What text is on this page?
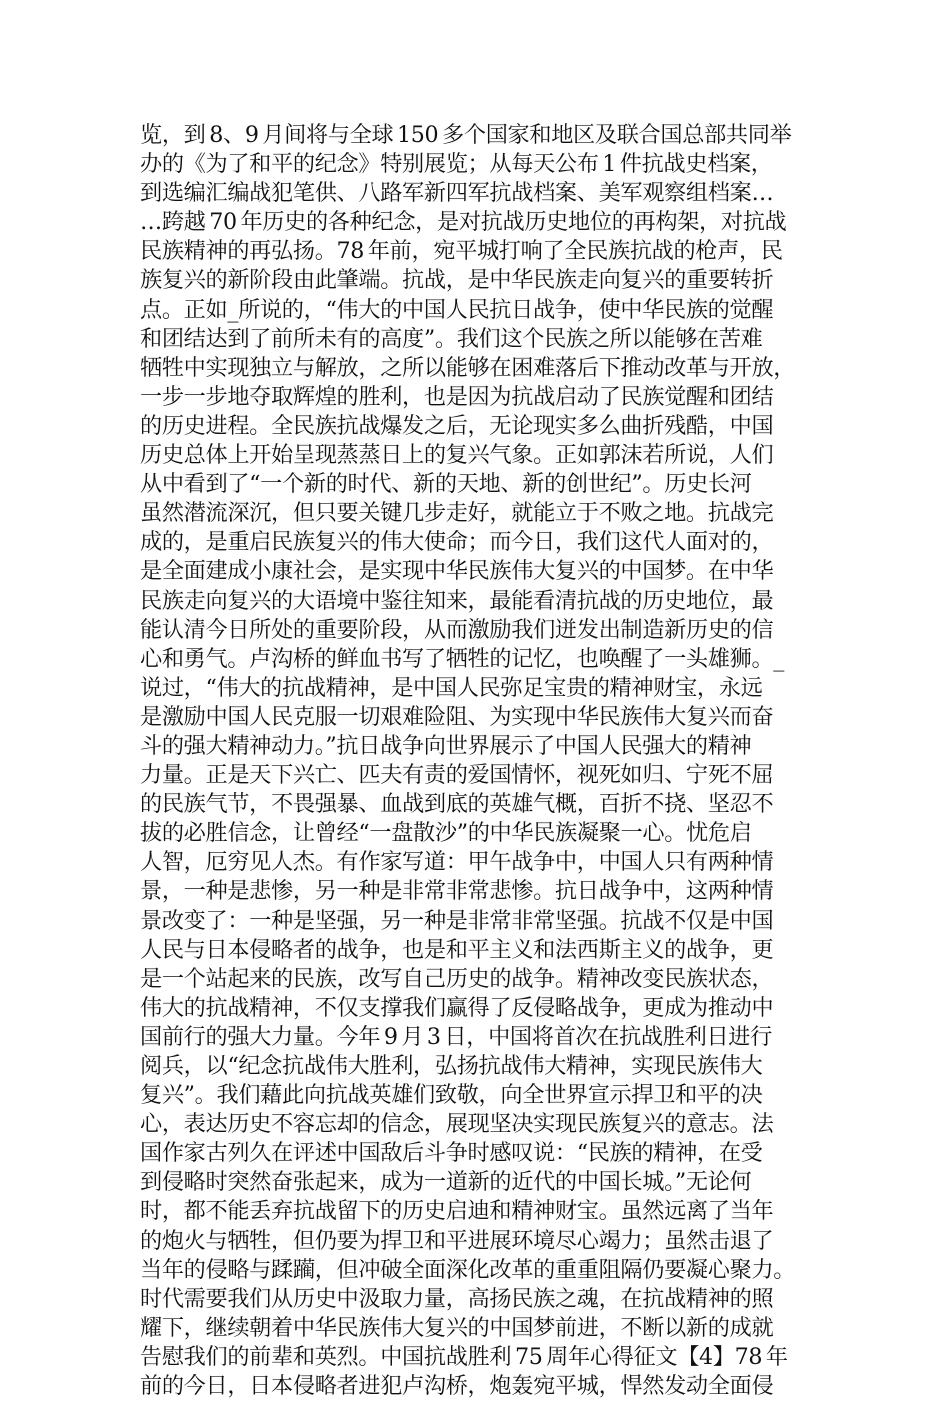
览，到 8、9 月间将与全球 150 多个国家和地区及联合国总部共同举
办的《为了和平的纪念》特别展览；从每天公布 1 件抗战史档案，
到选编汇编战犯笔供、八路军新四军抗战档案、美军观察组档案…
…跨越 70 年历史的各种纪念，是对抗战历史地位的再构架，对抗战
民族精神的再弘扬。78 年前，宛平城打响了全民族抗战的枪声，民
族复兴的新阶段由此肇端。抗战，是中华民族走向复兴的重要转折
点。正如_所说的，“伟大的中国人民抗日战争，使中华民族的觉醒
和团结达到了前所未有的高度”。我们这个民族之所以能够在苦难
牺牲中实现独立与解放，之所以能够在困难落后下推动改革与开放，
一步一步地夺取辉煌的胜利，也是因为抗战启动了民族觉醒和团结
的历史进程。全民族抗战爆发之后，无论现实多么曲折残酷，中国
历史总体上开始呈现蒸蒸日上的复兴气象。正如郭沫若所说，人们
从中看到了“一个新的时代、新的天地、新的创世纪”。历史长河
虽然潜流深沉，但只要关键几步走好，就能立于不败之地。抗战完
成的，是重启民族复兴的伟大使命；而今日，我们这代人面对的，
是全面建成小康社会，是实现中华民族伟大复兴的中国梦。在中华
民族走向复兴的大语境中鉴往知来，最能看清抗战的历史地位，最
能认清今日所处的重要阶段，从而激励我们迸发出制造新历史的信
心和勇气。卢沟桥的鲜血书写了牺牲的记忆，也唤醒了一头雄狮。_
说过，“伟大的抗战精神，是中国人民弥足宝贵的精神财宝，永远
是激励中国人民克服一切艰难险阻、为实现中华民族伟大复兴而奋
斗的强大精神动力。”抗日战争向世界展示了中国人民强大的精神
力量。正是天下兴亡、匹夫有责的爱国情怀，视死如归、宁死不屈
的民族气节，不畏强暴、血战到底的英雄气概，百折不挠、坚忍不
拔的必胜信念，让曾经“一盘散沙”的中华民族凝聚一心。忧危启
人智，厄穷见人杰。有作家写道：甲午战争中，中国人只有两种情
景，一种是悲惨，另一种是非常非常悲惨。抗日战争中，这两种情
景改变了：一种是坚强，另一种是非常非常坚强。抗战不仅是中国
人民与日本侵略者的战争，也是和平主义和法西斯主义的战争，更
是一个站起来的民族，改写自己历史的战争。精神改变民族状态，
伟大的抗战精神，不仅支撑我们赢得了反侵略战争，更成为推动中
国前行的强大力量。今年 9 月 3 日，中国将首次在抗战胜利日进行
阅兵，以“纪念抗战伟大胜利，弘扬抗战伟大精神，实现民族伟大
复兴”。我们藉此向抗战英雄们致敬，向全世界宣示捍卫和平的决
心，表达历史不容忘却的信念，展现坚决实现民族复兴的意志。法
国作家古列久在评述中国敌后斗争时感叹说：“民族的精神，在受
到侵略时突然奋张起来，成为一道新的近代的中国长城。”无论何
时，都不能丢弃抗战留下的历史启迪和精神财宝。虽然远离了当年
的炮火与牺牲，但仍要为捍卫和平进展环境尽心竭力；虽然击退了
当年的侵略与蹂躏，但冲破全面深化改革的重重阻隔仍要凝心聚力。
时代需要我们从历史中汲取力量，高扬民族之魂，在抗战精神的照
耀下，继续朝着中华民族伟大复兴的中国梦前进，不断以新的成就
告慰我们的前辈和英烈。中国抗战胜利 75 周年心得征文【4】78 年
前的今日，日本侵略者进犯卢沟桥，炮轰宛平城，悍然发动全面侵
